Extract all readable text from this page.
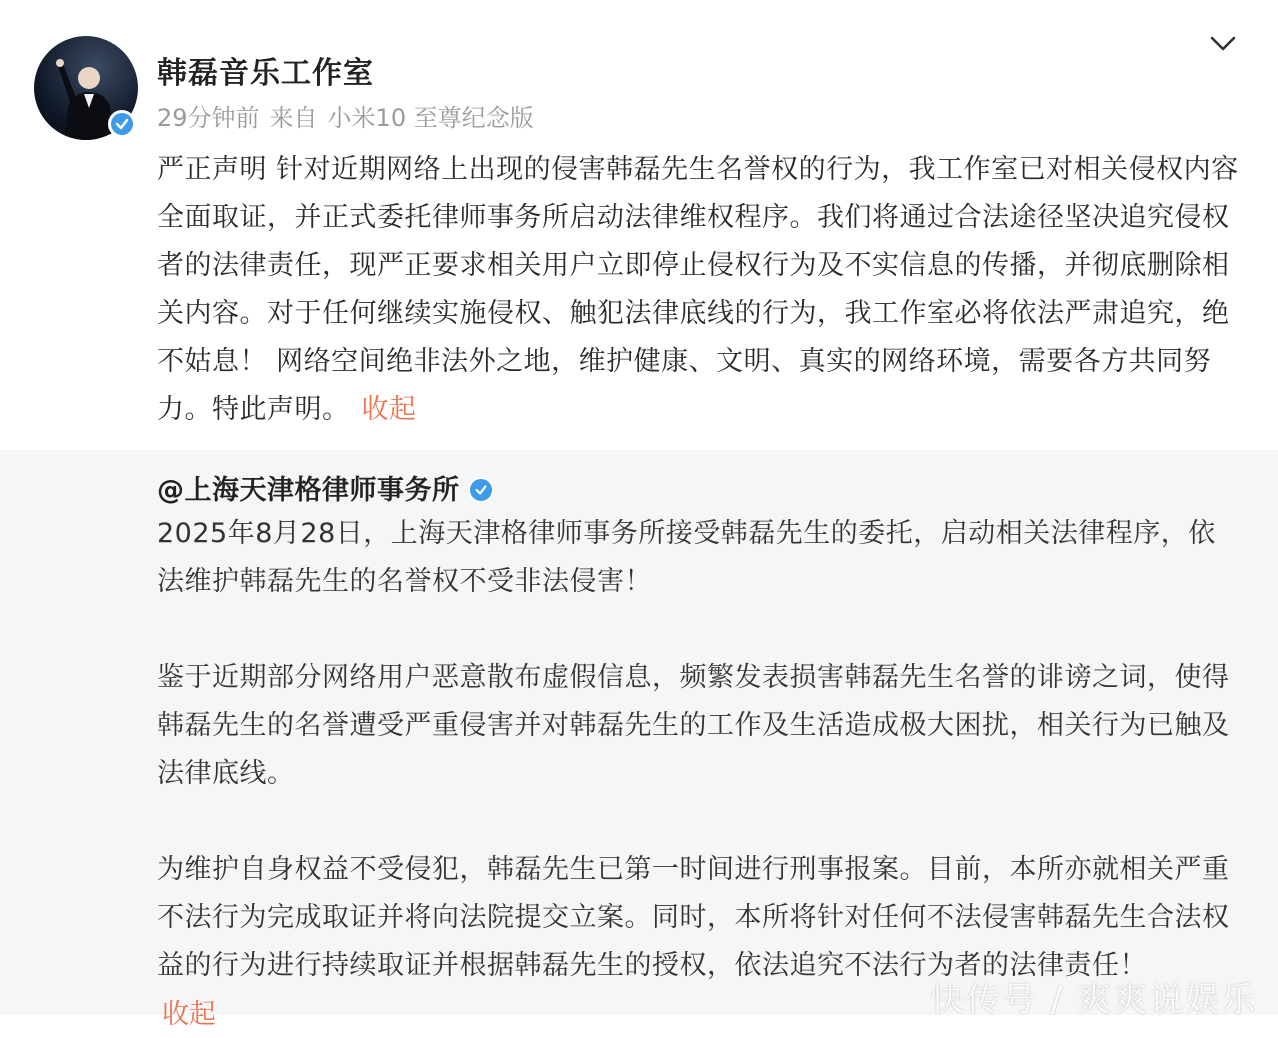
韩磊音乐工作室
29分钟前 来自 小米10 至尊纪念版
严正声明 针对近期网络上出现的侵害韩磊先生名誉权的行为，我工作室已对相关侵权内容全面取证，并正式委托律师事务所启动法律维权程序。我们将通过合法途径坚决追究侵权者的法律责任，现严正要求相关用户立即停止侵权行为及不实信息的传播，并彻底删除相关内容。对于任何继续实施侵权、触犯法律底线的行为，我工作室必将依法严肃追究，绝不姑息！ 网络空间绝非法外之地，维护健康、文明、真实的网络环境，需要各方共同努力。特此声明。 收起
@上海天津格律师事务所

2025年8月28日，上海天津格律师事务所接受韩磊先生的委托，启动相关法律程序，依法维护韩磊先生的名誉权不受非法侵害！

鉴于近期部分网络用户恶意散布虚假信息，频繁发表损害韩磊先生名誉的诽谤之词，使得韩磊先生的名誉遭受严重侵害并对韩磊先生的工作及生活造成极大困扰，相关行为已触及法律底线。

为维护自身权益不受侵犯，韩磊先生已第一时间进行刑事报案。目前，本所亦就相关严重不法行为完成取证并将向法院提交立案。同时，本所将针对任何不法侵害韩磊先生合法权益的行为进行持续取证并根据韩磊先生的授权，依法追究不法行为者的法律责任！

收起	快传号 / 爽爽说娱乐
